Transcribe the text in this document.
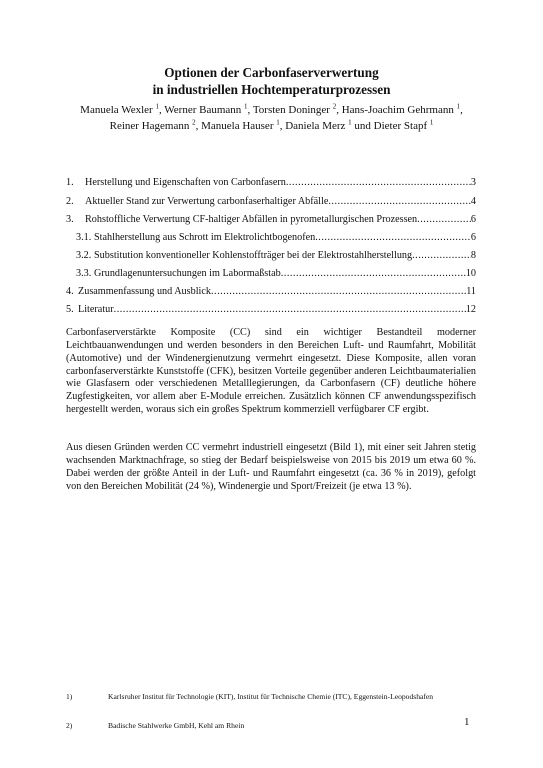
Optionen der Carbonfaserverwertung
in industriellen Hochtemperaturprozessen
Manuela Wexler $^1$, Werner Baumann $^1$, Torsten Doninger $^2$, Hans-Joachim Gehrmann $^1$,
Reiner Hagemann $^2$, Manuela Hauser $^1$, Daniela Merz $^1$ und Dieter Stapf $^1$
1.	Herstellung und Eigenschaften von Carbonfasern .....	3
2.	Aktueller Stand zur Verwertung carbonfaserhaltiger Abfälle .....	4
3.	Rohstoffliche Verwertung CF-haltiger Abfällen in pyrometallurgischen Prozessen .....	6
3.1. Stahlherstellung aus Schrott im Elektrolichtbogenofen .....	6
3.2. Substitution konventioneller Kohlenstoffträger bei der Elektrostahlherstellung .....	8
3.3. Grundlagenuntersuchungen im Labormaßstab .....	10
4. Zusammenfassung und Ausblick .....	11
5. Literatur .....	12

Carbonfaserverstärkte Komposite (CC) sind ein wichtiger Bestandteil moderner Leichtbauanwendungen und werden besonders in den Bereichen Luft- und Raumfahrt, Mobilität (Automotive) und der Windenergienutzung vermehrt eingesetzt. Diese Komposite, allen voran carbonfaserverstärkte Kunststoffe (CFK), besitzen Vorteile gegenüber anderen Leichtbaumaterialien wie Glasfasern oder verschiedenen Metalllegierungen, da Carbonfasern (CF) deutliche höhere Zugfestigkeiten, vor allem aber E-Module erreichen. Zusätzlich können CF anwendungsspezifisch hergestellt werden, woraus sich ein großes Spektrum kommerziell verfügbarer CF ergibt.

Aus diesen Gründen werden CC vermehrt industriell eingesetzt (Bild 1), mit einer seit Jahren stetig wachsenden Marktnachfrage, so stieg der Bedarf beispielsweise von 2015 bis 2019 um etwa 60 %. Dabei werden der größte Anteil in der Luft- und Raumfahrt eingesetzt (ca. 36 % in 2019), gefolgt von den Bereichen Mobilität (24 %), Windenergie und Sport/Freizeit (je etwa 13 %).

1)	Karlsruher Institut für Technologie (KIT), Institut für Technische Chemie (ITC), Eggenstein-Leopodshafen
2)	Badische Stahlwerke GmbH, Kehl am Rhein	1
